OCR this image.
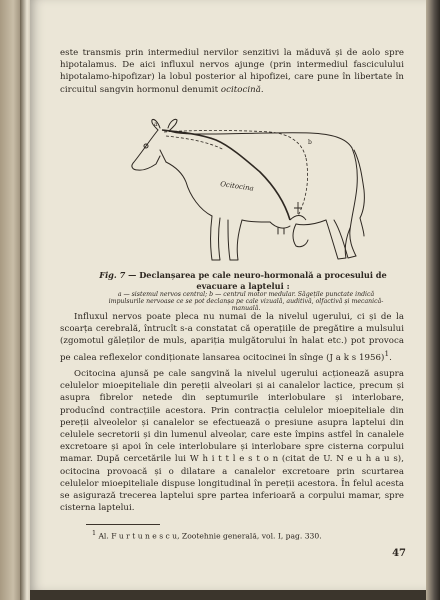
este transmis prin intermediul nervilor senzitivi la măduvă și de aolo spre hipotalamus. De aici influxul nervos ajunge (prin intermediul fasciculului hipotalamo-hipofizar) la lobul posterior al hipofizei, care pune în libertate în circuitul sangvin hormonul denumit ocitocină.

Ocitocina
a
b
Fig. 7 — Declanșarea pe cale neuro-hormonală a procesului de evacuare a laptelui :
a — sistemul nervos central; b — centrul motor medular. Săgețile punctate indică impulsurile nervoase ce se pot declanșa pe cale vizuală, auditivă, olfactivă și mecanică-manuală.

Influxul nervos poate pleca nu numai de la nivelul ugerului, ci și de la scoarța cerebrală, întrucît s-a constatat că operațiile de pregătire a mulsului (zgomotul găleților de muls, apariția mulgătorului în halat etc.) pot provoca pe calea reflexelor condiționate lansarea ocitocinei în sînge (J a k s 1956)$^1$.

Ocitocina ajunsă pe cale sangvină la nivelul ugerului acționează asupra celulelor mioepiteliale din pereții alveolari și ai canalelor lactice, precum și asupra fibrelor netede din septumurile interlobulare și interlobare, producînd contracțiile acestora. Prin contracția celulelor mioepiteliale din pereții alveolelor și canalelor se efectuează o presiune asupra laptelui din celulele secretorii și din lumenul alveolar, care este împins astfel în canalele excretoare și apoi în cele interlobulare și interlobare spre cisterna corpului mamar. După cercetările lui W h i t t l e s t o n (citat de U. N e u h a u s), ocitocina provoacă și o dilatare a canalelor excretoare prin scurtarea celulelor mioepiteliale dispuse longitudinal în pereții acestora. În felul acesta se asigurază trecerea laptelui spre partea inferioară a corpului mamar, spre cisterna laptelui.

$^1$ Al. F u r t u n e s c u, Zootehnie generală, vol. I, pag. 330.
47
